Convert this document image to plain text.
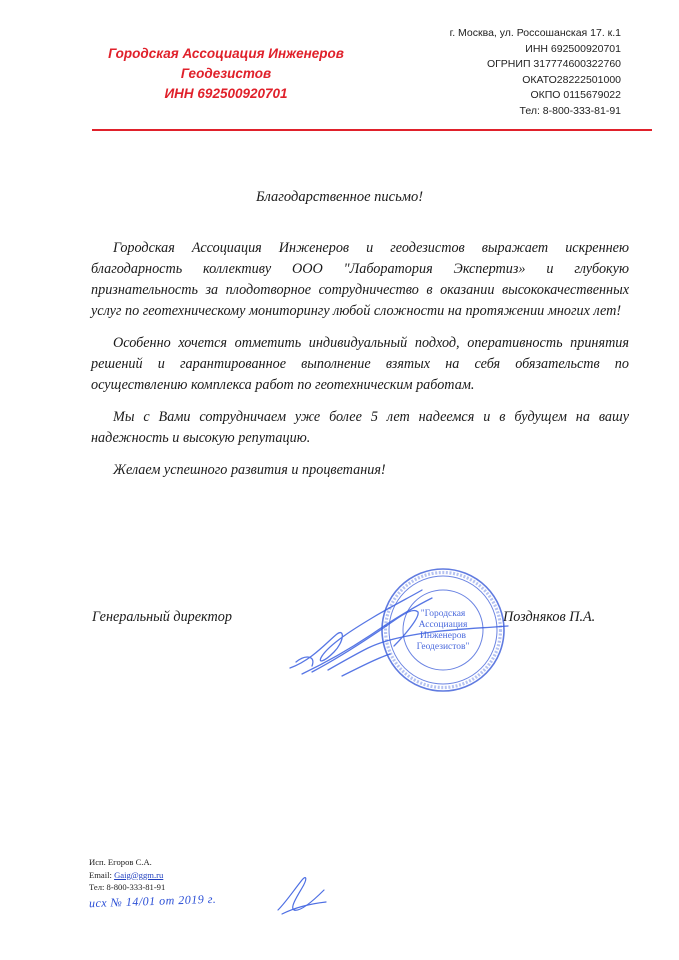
Городская Ассоциация Инженеров
Геодезистов
ИНН 692500920701
г. Москва, ул. Россошанская 17. к.1
ИНН 692500920701
ОГРНИП 317774600322760
ОКАТО28222501000
ОКПО 0115679022
Тел: 8-800-333-81-91
Благодарственное письмо!

Городская Ассоциация Инженеров и геодезистов выражает искреннею благодарность коллективу ООО "Лаборатория Экспертиз» и глубокую признательность за плодотворное сотрудничество в оказании высококачественных услуг по геотехническому мониторингу любой сложности на протяжении многих лет!

Особенно хочется отметить индивидуальный подход, оперативность принятия решений и гарантированное выполнение взятых на себя обязательств по осуществлению комплекса работ по геотехническим работам.

Мы с Вами сотрудничаем уже более 5 лет надеемся и в будущем на вашу надежность и высокую репутацию.

Желаем успешного развития и процветания!

Генеральный директор	Поздняков П.А.
"Городская
Ассоциация
Инженеров
Геодезистов"
Исп. Егоров С.А.
Email: Gaig@ggm.ru
Тел: 8-800-333-81-91
исх № 14/01 от 2019 г.
